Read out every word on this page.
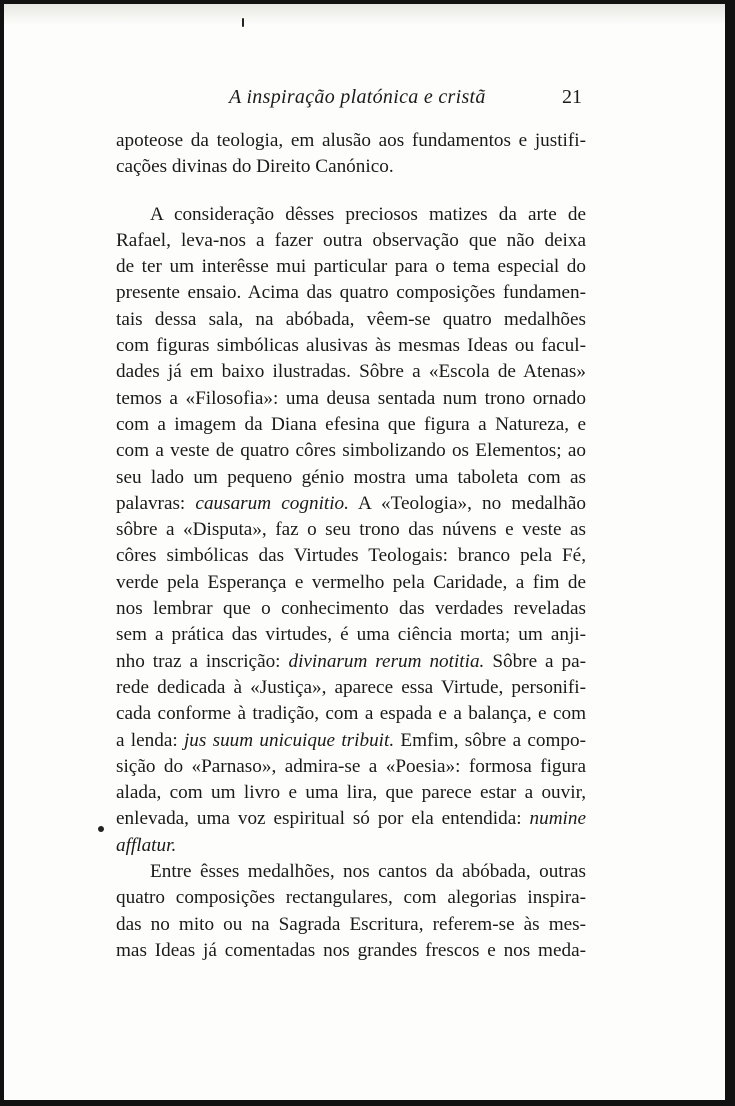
A inspiração platónica e cristã	21
apoteose da teologia, em alusão aos fundamentos e justifi-
cações divinas do Direito Canónico.
A consideração dêsses preciosos matizes da arte de
Rafael, leva-nos a fazer outra observação que não deixa
de ter um interêsse mui particular para o tema especial do
presente ensaio. Acima das quatro composições fundamen-
tais dessa sala, na abóbada, vêem-se quatro medalhões
com figuras simbólicas alusivas às mesmas Ideas ou facul-
dades já em baixo ilustradas. Sôbre a «Escola de Atenas»
temos a «Filosofia»: uma deusa sentada num trono ornado
com a imagem da Diana efesina que figura a Natureza, e
com a veste de quatro côres simbolizando os Elementos; ao
seu lado um pequeno génio mostra uma taboleta com as
palavras: causarum cognitio. A «Teologia», no medalhão
sôbre a «Disputa», faz o seu trono das núvens e veste as
côres simbólicas das Virtudes Teologais: branco pela Fé,
verde pela Esperança e vermelho pela Caridade, a fim de
nos lembrar que o conhecimento das verdades reveladas
sem a prática das virtudes, é uma ciência morta; um anji-
nho traz a inscrição: divinarum rerum notitia. Sôbre a pa-
rede dedicada à «Justiça», aparece essa Virtude, personifi-
cada conforme à tradição, com a espada e a balança, e com
a lenda: jus suum unicuique tribuit. Emfim, sôbre a compo-
sição do «Parnaso», admira-se a «Poesia»: formosa figura
alada, com um livro e uma lira, que parece estar a ouvir,
enlevada, uma voz espiritual só por ela entendida: numine
afflatur.
Entre êsses medalhões, nos cantos da abóbada, outras
quatro composições rectangulares, com alegorias inspira-
das no mito ou na Sagrada Escritura, referem-se às mes-
mas Ideas já comentadas nos grandes frescos e nos meda-
